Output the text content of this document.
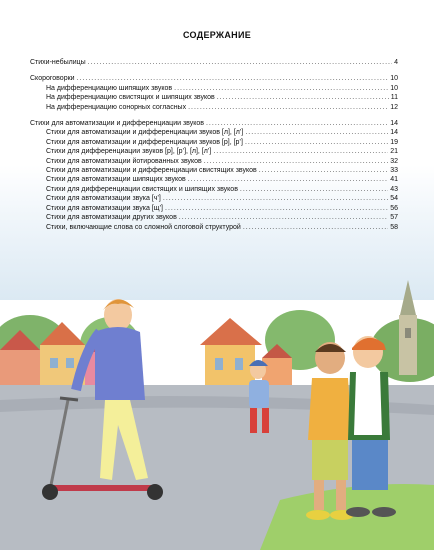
СОДЕРЖАНИЕ
Стихи-небылицы .....	4
Скороговорки .....	10
На дифференциацию шипящих звуков .....	10
На дифференциацию свистящих и шипящих звуков .....	11
На дифференциацию сонорных согласных .....	12
Стихи для автоматизации и дифференциации звуков .....	14
Стихи для автоматизации и дифференциации звуков [л], [л’] .....	14
Стихи для автоматизации и дифференциации звуков [р], [р’] .....	19
Стихи для дифференциации звуков [р], [р’], [л], [л’] .....	21
Стихи для автоматизации йотированных звуков .....	32
Стихи для автоматизации и дифференциации свистящих звуков .....	33
Стихи для автоматизации шипящих звуков .....	41
Стихи для дифференциации свистящих и шипящих звуков .....	43
Стихи для автоматизации звука [ч’] .....	54
Стихи для автоматизации звука [щ’] .....	56
Стихи для автоматизации других звуков .....	57
Стихи, включающие слова со сложной слоговой структурой .....	58
